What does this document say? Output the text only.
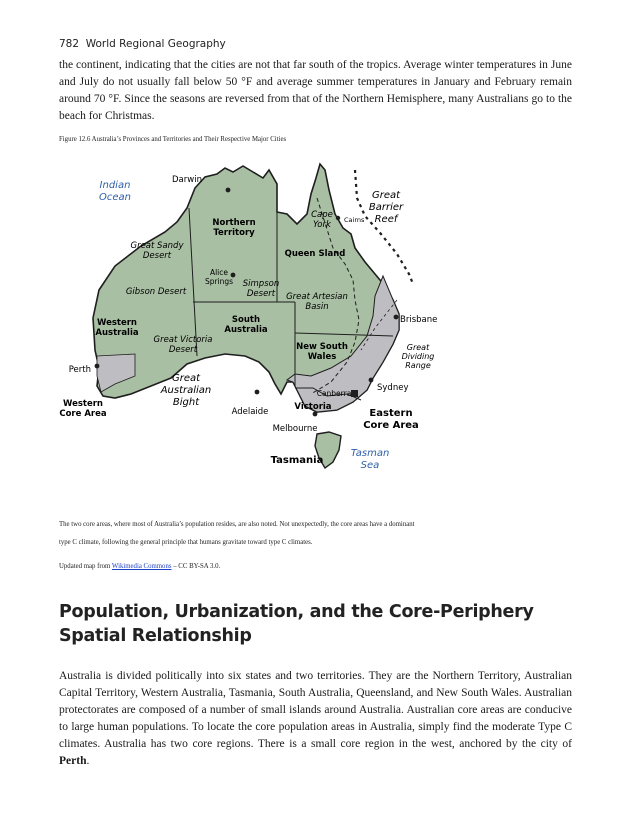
782 World Regional Geography

the continent, indicating that the cities are not that far south of the tropics. Average winter temperatures in June and July do not usually fall below 50 °F and average summer temperatures in January and February remain around 70 °F. Since the seasons are reversed from that of the Northern Hemisphere, many Australians go to the beach for Christmas.

Figure 12.6 Australia’s Provinces and Territories and Their Respective Major Cities
Indian
Ocean
Tasman
Sea
Western
Australia
Northern
Territory
South
Australia
Queen Sland
New South
Wales
Victoria
Tasmania
Darwin
Alice
Springs
Perth
Adelaide
Melbourne
Canberra
Sydney
Brisbane
Cairns
Great Sandy
Desert
Gibson Desert
Great Victoria
Desert
Simpson
Desert Great Artesian
Basin
Cape
York
Great
Dividing
Range
Great
Barrier
Reef
Great
Australian
Bight
Western
Core Area	Eastern
Core Area

The two core areas, where most of Australia’s population resides, are also noted. Not unexpectedly, the core areas have a dominant

type C climate, following the general principle that humans gravitate toward type C climates.

Updated map from Wikimedia Commons – CC BY-SA 3.0.

Population, Urbanization, and the Core-Periphery Spatial Relationship

Australia is divided politically into six states and two territories. They are the Northern Territory, Australian Capital Territory, Western Australia, Tasmania, South Australia, Queensland, and New South Wales. Australian protectorates are composed of a number of small islands around Australia. Australian core areas are conducive to large human populations. To locate the core population areas in Australia, simply find the moderate Type C climates. Australia has two core regions. There is a small core region in the west, anchored by the city of Perth.
